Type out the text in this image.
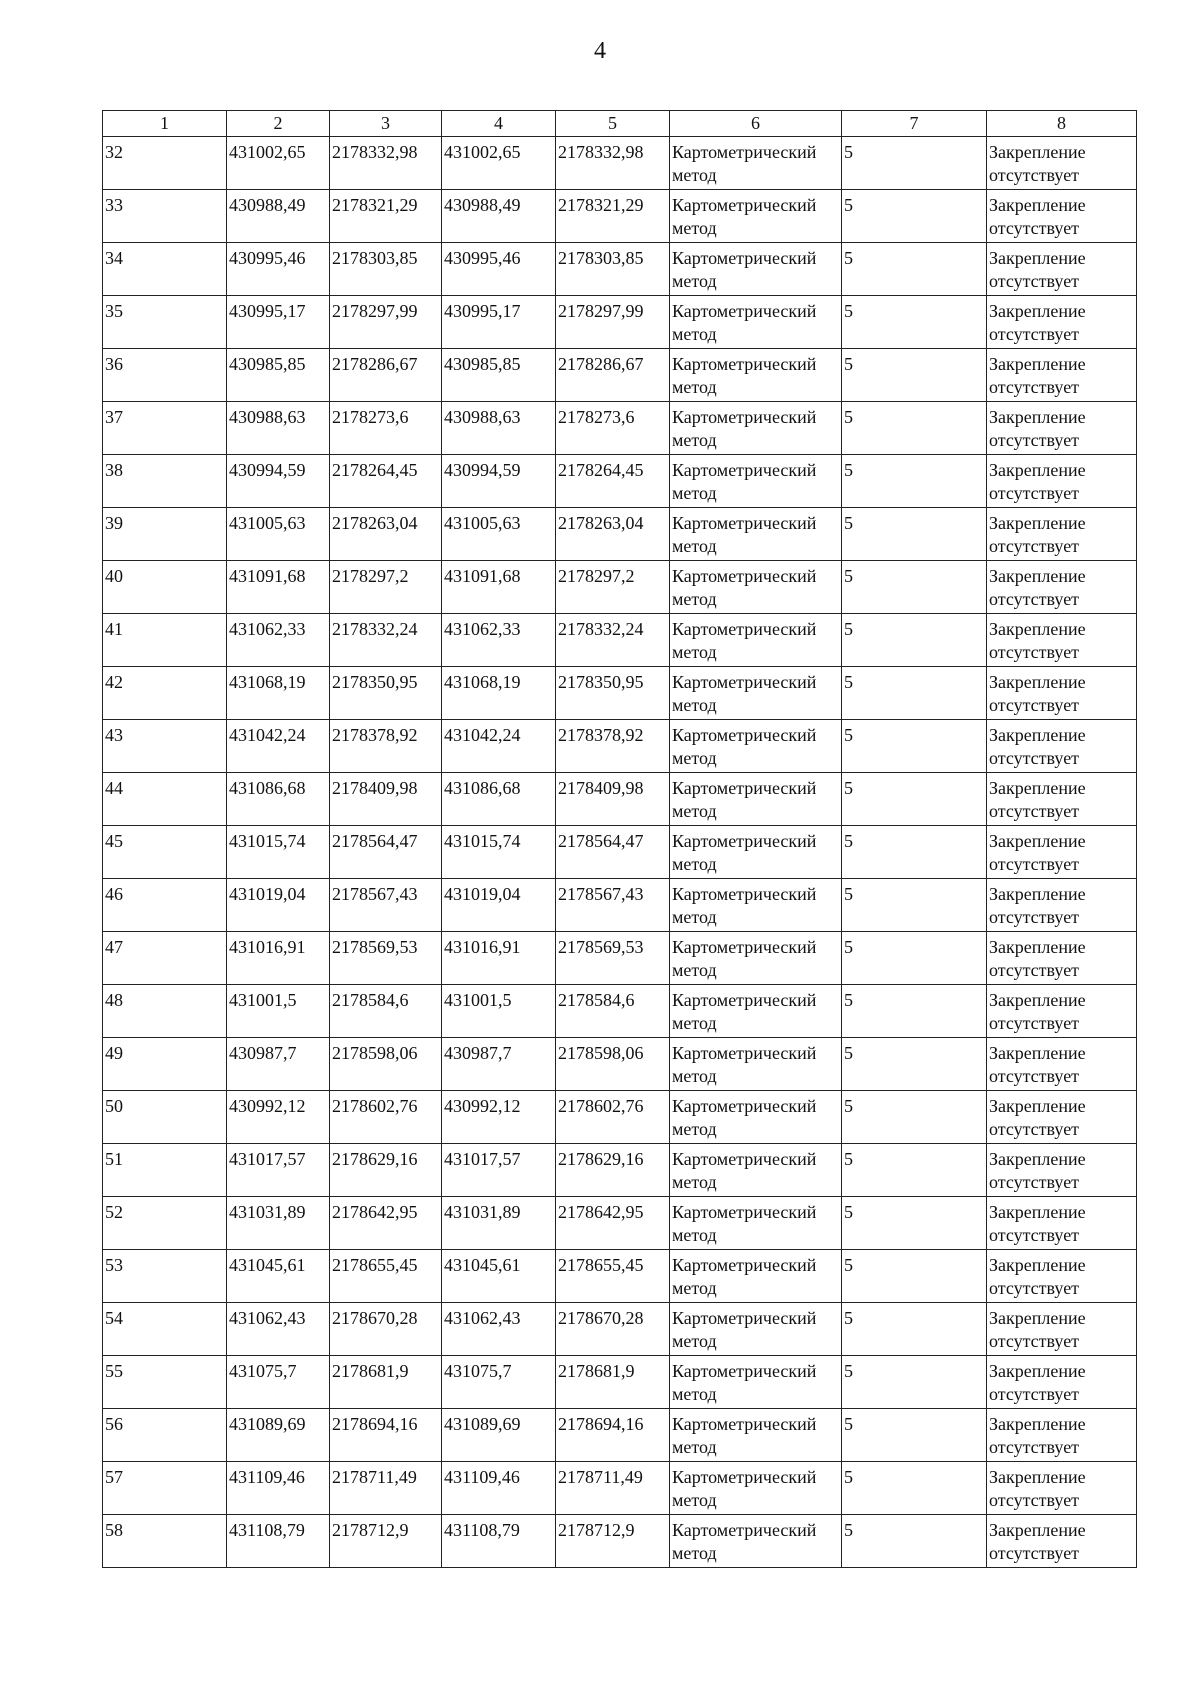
4
1	2	3	4	5	6	7	8
32	431002,65	2178332,98	431002,65	2178332,98	Картометрический метод	5	Закрепление отсутствует
33	430988,49	2178321,29	430988,49	2178321,29	Картометрический метод	5	Закрепление отсутствует
34	430995,46	2178303,85	430995,46	2178303,85	Картометрический метод	5	Закрепление отсутствует
35	430995,17	2178297,99	430995,17	2178297,99	Картометрический метод	5	Закрепление отсутствует
36	430985,85	2178286,67	430985,85	2178286,67	Картометрический метод	5	Закрепление отсутствует
37	430988,63	2178273,6	430988,63	2178273,6	Картометрический метод	5	Закрепление отсутствует
38	430994,59	2178264,45	430994,59	2178264,45	Картометрический метод	5	Закрепление отсутствует
39	431005,63	2178263,04	431005,63	2178263,04	Картометрический метод	5	Закрепление отсутствует
40	431091,68	2178297,2	431091,68	2178297,2	Картометрический метод	5	Закрепление отсутствует
41	431062,33	2178332,24	431062,33	2178332,24	Картометрический метод	5	Закрепление отсутствует
42	431068,19	2178350,95	431068,19	2178350,95	Картометрический метод	5	Закрепление отсутствует
43	431042,24	2178378,92	431042,24	2178378,92	Картометрический метод	5	Закрепление отсутствует
44	431086,68	2178409,98	431086,68	2178409,98	Картометрический метод	5	Закрепление отсутствует
45	431015,74	2178564,47	431015,74	2178564,47	Картометрический метод	5	Закрепление отсутствует
46	431019,04	2178567,43	431019,04	2178567,43	Картометрический метод	5	Закрепление отсутствует
47	431016,91	2178569,53	431016,91	2178569,53	Картометрический метод	5	Закрепление отсутствует
48	431001,5	2178584,6	431001,5	2178584,6	Картометрический метод	5	Закрепление отсутствует
49	430987,7	2178598,06	430987,7	2178598,06	Картометрический метод	5	Закрепление отсутствует
50	430992,12	2178602,76	430992,12	2178602,76	Картометрический метод	5	Закрепление отсутствует
51	431017,57	2178629,16	431017,57	2178629,16	Картометрический метод	5	Закрепление отсутствует
52	431031,89	2178642,95	431031,89	2178642,95	Картометрический метод	5	Закрепление отсутствует
53	431045,61	2178655,45	431045,61	2178655,45	Картометрический метод	5	Закрепление отсутствует
54	431062,43	2178670,28	431062,43	2178670,28	Картометрический метод	5	Закрепление отсутствует
55	431075,7	2178681,9	431075,7	2178681,9	Картометрический метод	5	Закрепление отсутствует
56	431089,69	2178694,16	431089,69	2178694,16	Картометрический метод	5	Закрепление отсутствует
57	431109,46	2178711,49	431109,46	2178711,49	Картометрический метод	5	Закрепление отсутствует
58	431108,79	2178712,9	431108,79	2178712,9	Картометрический метод	5	Закрепление отсутствует
